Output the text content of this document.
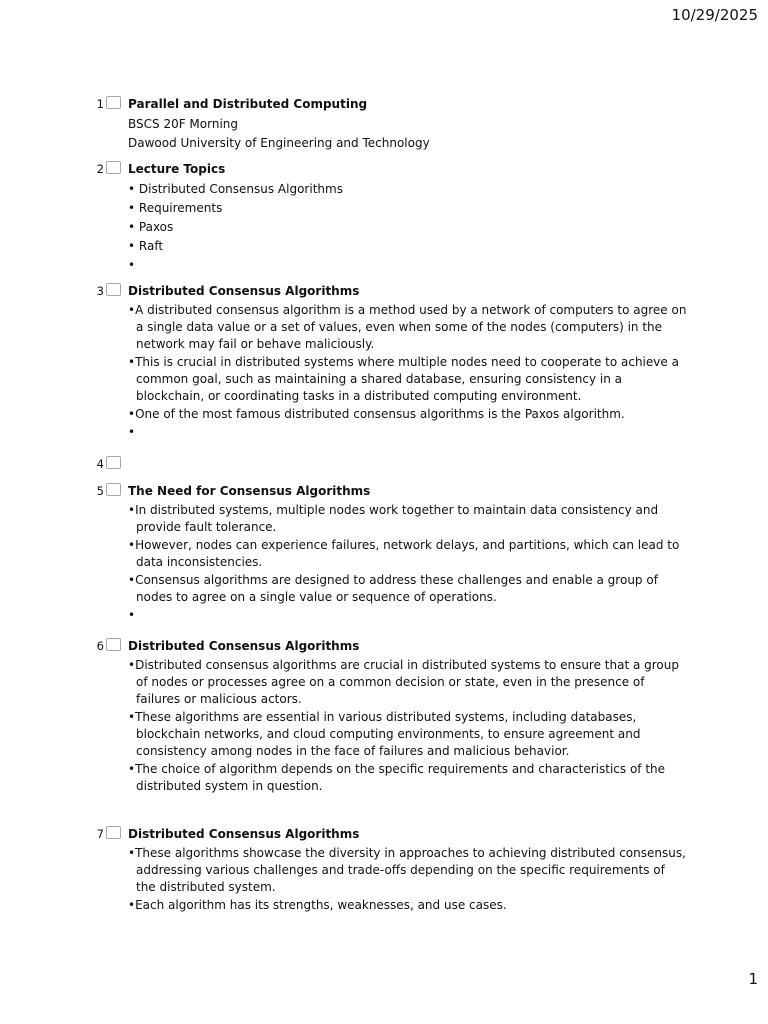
10/29/2025
1 Parallel and Distributed Computing
BSCS 20F Morning
Dawood University of Engineering and Technology
2 Lecture Topics
• Distributed Consensus Algorithms
• Requirements
• Paxos
• Raft
•
3 Distributed Consensus Algorithms
•A distributed consensus algorithm is a method used by a network of computers to agree on a single data value or a set of values, even when some of the nodes (computers) in the network may fail or behave maliciously.
•This is crucial in distributed systems where multiple nodes need to cooperate to achieve a common goal, such as maintaining a shared database, ensuring consistency in a blockchain, or coordinating tasks in a distributed computing environment.
•One of the most famous distributed consensus algorithms is the Paxos algorithm.
•
4
5 The Need for Consensus Algorithms
•In distributed systems, multiple nodes work together to maintain data consistency and provide fault tolerance.
•However, nodes can experience failures, network delays, and partitions, which can lead to data inconsistencies.
•Consensus algorithms are designed to address these challenges and enable a group of nodes to agree on a single value or sequence of operations.
•
6 Distributed Consensus Algorithms
•Distributed consensus algorithms are crucial in distributed systems to ensure that a group of nodes or processes agree on a common decision or state, even in the presence of failures or malicious actors.
•These algorithms are essential in various distributed systems, including databases, blockchain networks, and cloud computing environments, to ensure agreement and consistency among nodes in the face of failures and malicious behavior.
•The choice of algorithm depends on the specific requirements and characteristics of the distributed system in question.
7 Distributed Consensus Algorithms
•These algorithms showcase the diversity in approaches to achieving distributed consensus, addressing various challenges and trade-offs depending on the specific requirements of the distributed system.
•Each algorithm has its strengths, weaknesses, and use cases.
1
